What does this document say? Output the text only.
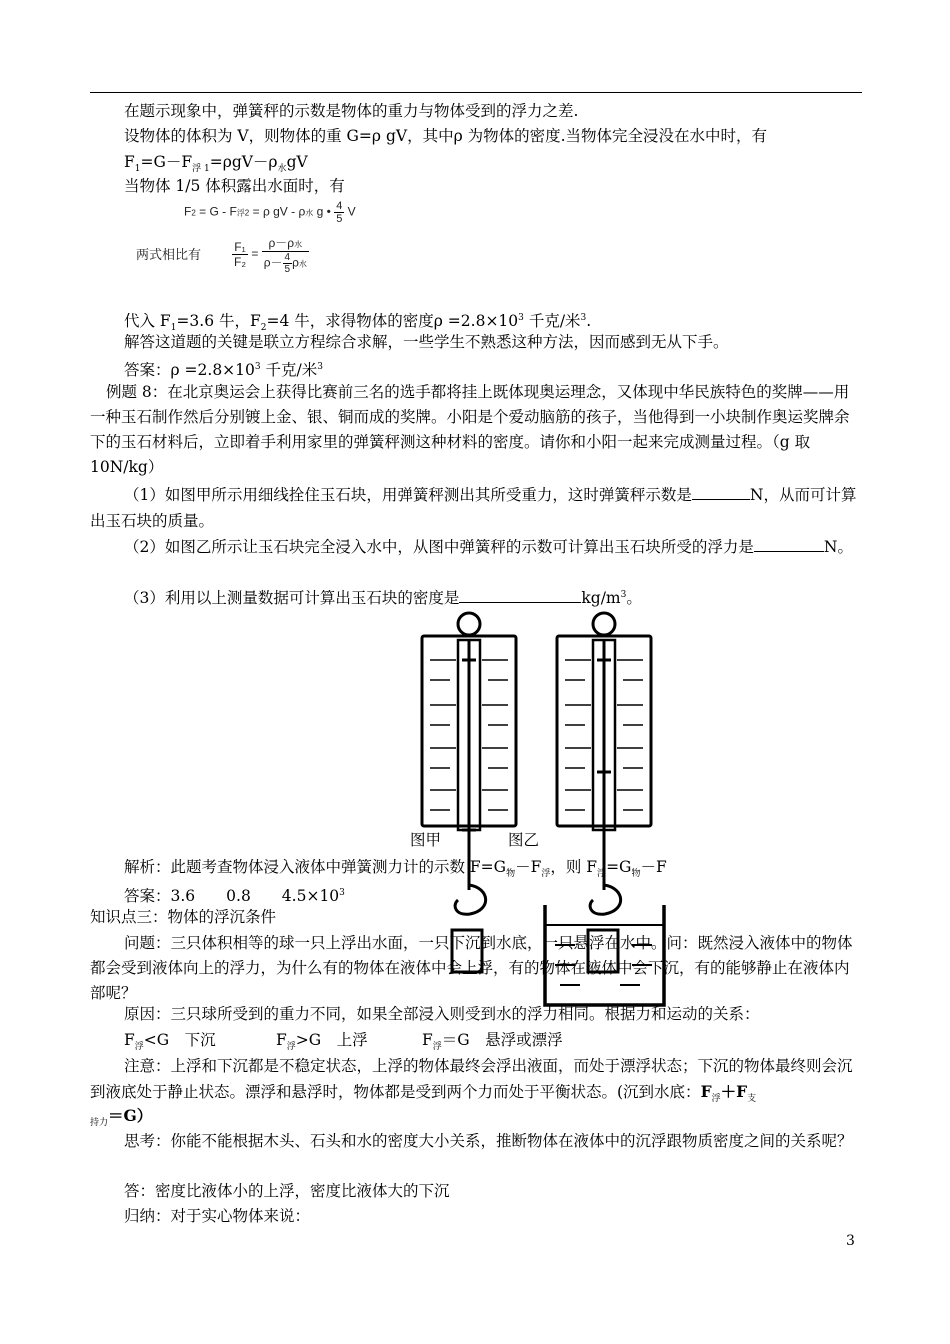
在题示现象中，弹簧秤的示数是物体的重力与物体受到的浮力之差.
设物体的体积为 V，则物体的重 G=ρ gV，其中ρ 为物体的密度.当物体完全浸没在水中时，有
$F_1=G-F_{浮 1}=\rho gV-\rho_水gV$
当物体 1/5 体积露出水面时，有
F2 = G - F浮2 = ρ gV - ρ水 g • $\frac{4}{5}$ V
两式相比有	$\frac{\text{F₁}}{\text{F₂}} = \frac{\text{ρ－ρ水}}{\rho- \frac{4}{5} \rho 水}$
代入 $F_1=3.6$ 牛，$F_2=4$ 牛，求得物体的密度$\rho =2.8\times 10^3$ 千克/米$^3$.
解答这道题的关键是联立方程综合求解，一些学生不熟悉这种方法，因而感到无从下手。
答案：$\rho =2.8\times 10^3$ 千克/米$^3$
例题 8：在北京奥运会上获得比赛前三名的选手都将挂上既体现奥运理念，又体现中华民族特色的奖牌——用一种玉石制作然后分别镀上金、银、铜而成的奖牌。小阳是个爱动脑筋的孩子，当他得到一小块制作奥运奖牌余下的玉石材料后，立即着手利用家里的弹簧秤测这种材料的密度。请你和小阳一起来完成测量过程。（g 取 10N/kg）
（1）如图甲所示用细线拴住玉石块，用弹簧秤测出其所受重力，这时弹簧秤示数是	N，从而可计算出玉石块的质量。
（2）如图乙所示让玉石块完全浸入水中，从图中弹簧秤的示数可计算出玉石块所受的浮力是	N。
（3）利用以上测量数据可计算出玉石块的密度是	$kg/m^3$。
图甲	图乙
解析：此题考查物体浸入液体中弹簧测力计的示数 $F=G_物-F_浮$，则 $F_浮=G_物-F$
答案：3.6　　0.8　　$4.5\times 10^3$
知识点三：物体的浮沉条件
问题：三只体积相等的球一只上浮出水面，一只下沉到水底，一只悬浮在水中。问：既然浸入液体中的物体都会受到液体向上的浮力，为什么有的物体在液体中会上浮，有的物体在液体中会下沉，有的能够静止在液体内部呢？
原因：三只球所受到的重力不同，如果全部浸入则受到水的浮力相同。根据力和运动的关系：
$F_浮<G$　下沉	$F_浮>G$　上浮	$F_浮=G$　悬浮或漂浮
注意：上浮和下沉都是不稳定状态，上浮的物体最终会浮出液面，而处于漂浮状态；下沉的物体最终则会沉到液底处于静止状态。漂浮和悬浮时，物体都是受到两个力而处于平衡状态。(沉到水底：$F_浮+F_支$
$_{持力}$＝G）
思考：你能不能根据木头、石头和水的密度大小关系，推断物体在液体中的沉浮跟物质密度之间的关系呢？
答：密度比液体小的上浮，密度比液体大的下沉
归纳：对于实心物体来说：
3
